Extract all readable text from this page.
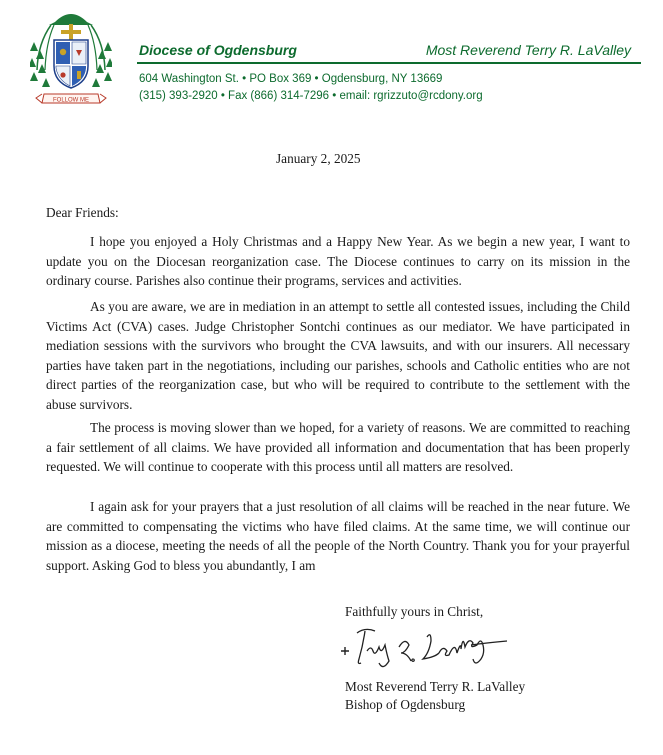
FOLLOW ME
Diocese of Ogdensburg	Most Reverend Terry R. LaValley
604 Washington St. • PO Box 369 • Ogdensburg, NY 13669
(315) 393-2920 • Fax (866) 314-7296 • email: rgrizzuto@rcdony.org
January 2, 2025
Dear Friends:

I hope you enjoyed a Holy Christmas and a Happy New Year. As we begin a new year, I want to update you on the Diocesan reorganization case. The Diocese continues to carry on its mission in the ordinary course. Parishes also continue their programs, services and activities.

As you are aware, we are in mediation in an attempt to settle all contested issues, including the Child Victims Act (CVA) cases. Judge Christopher Sontchi continues as our mediator. We have participated in mediation sessions with the survivors who brought the CVA lawsuits, and with our insurers. All necessary parties have taken part in the negotiations, including our parishes, schools and Catholic entities who are not direct parties of the reorganization case, but who will be required to contribute to the settlement with the abuse survivors.

The process is moving slower than we hoped, for a variety of reasons. We are committed to reaching a fair settlement of all claims. We have provided all information and documentation that has been properly requested. We will continue to cooperate with this process until all matters are resolved.

I again ask for your prayers that a just resolution of all claims will be reached in the near future. We are committed to compensating the victims who have filed claims. At the same time, we will continue our mission as a diocese, meeting the needs of all the people of the North Country. Thank you for your prayerful support. Asking God to bless you abundantly, I am

Faithfully yours in Christ,
Most Reverend Terry R. LaValley
Bishop of Ogdensburg
